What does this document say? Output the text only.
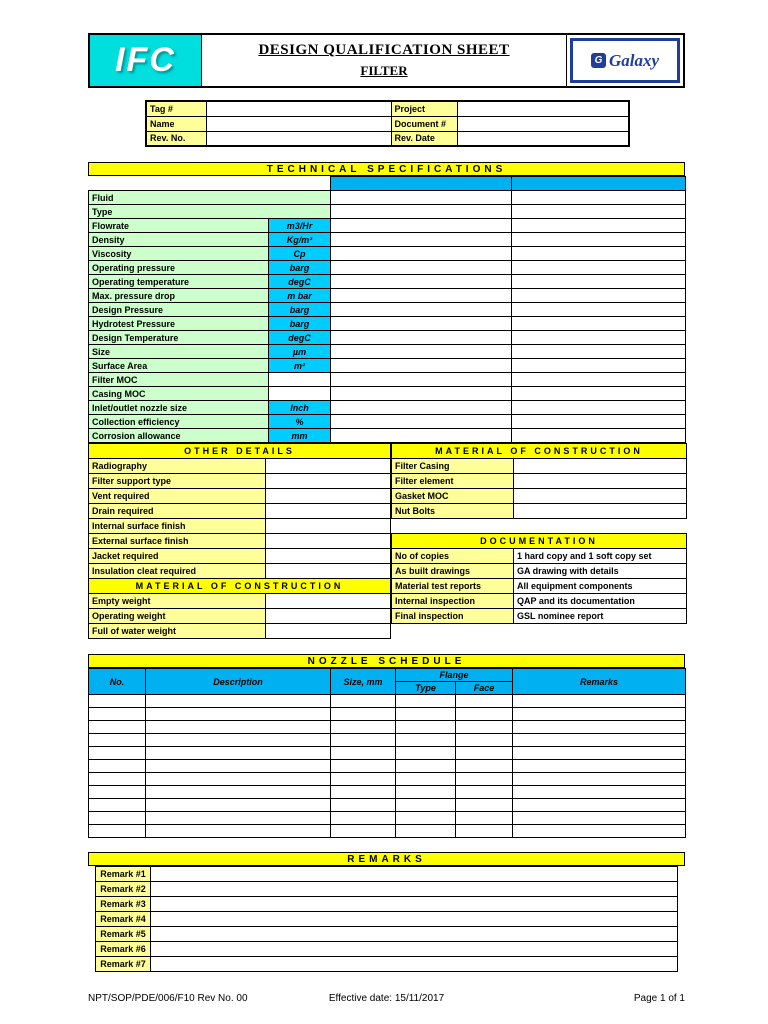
IFC	DESIGN QUALIFICATION SHEET
FILTER
G Galaxy
Tag #		Project	
Name		Document #	
Rev. No.		Rev. Date	
TECHNICAL SPECIFICATIONS

Fluid			
Type			
Flowrate	m3/Hr		
Density	Kg/m³		
Viscosity	Cp		
Operating pressure	barg		
Operating temperature	degC		
Max. pressure drop	m bar		
Design Pressure	barg		
Hydrotest Pressure	barg		
Design Temperature	degC		
Size	µm		
Surface Area	m²		
Filter MOC			
Casing MOC			
Inlet/outlet nozzle size	Inch		
Collection efficiency	%		
Corrosion allowance	mm		
OTHER DETAILS	
Radiography	
Filter support type	
Vent required	
Drain required	
Internal surface finish	
External surface finish	
Jacket required	
Insulation cleat required	
MATERIAL OF CONSTRUCTION	
Empty weight	
Operating weight	
Full of water weight	
MATERIAL OF CONSTRUCTION	
Filter Casing	
Filter element	
Gasket MOC	
Nut Bolts	

DOCUMENTATION	
No of copies	1 hard copy and 1 soft copy set
As built drawings	GA drawing with details
Material test reports	All equipment components
Internal inspection	QAP and its documentation
Final inspection	GSL nominee report

NOZZLE SCHEDULE
No.	Description	Size, mm	Flange		Remarks
			Type	Face	

REMARKS
Remark #1	
Remark #2	
Remark #3	
Remark #4	
Remark #5	
Remark #6	
Remark #7	
NPT/SOP/PDE/006/F10 Rev No. 00	Effective date: 15/11/2017	Page 1 of 1
